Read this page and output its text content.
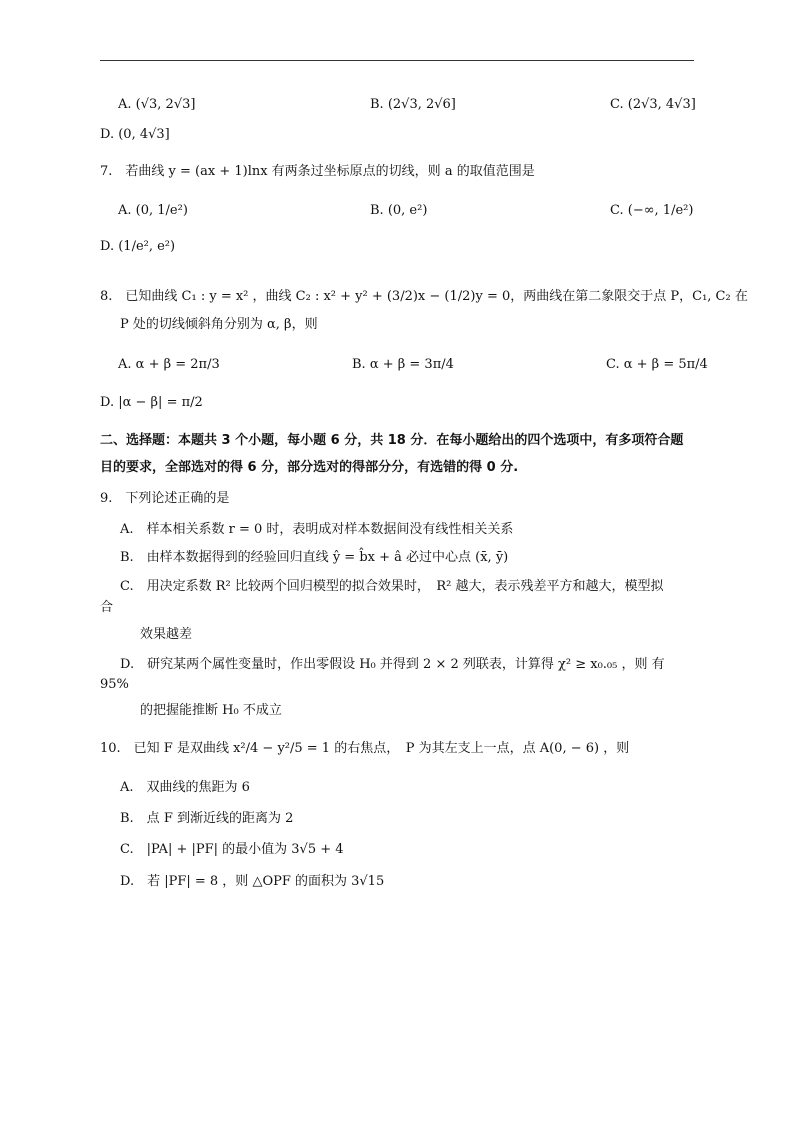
A. (√3, 2√3]	B. (2√3, 2√6]	C. (2√3, 4√3]
D. (0, 4√3]
7.　若曲线 y = (ax + 1)lnx 有两条过坐标原点的切线，则 a 的取值范围是
A. (0, 1/e²)	B. (0, e²)	C. (−∞, 1/e²)
D. (1/e², e²)
8.　已知曲线 C₁ : y = x² ，曲线 C₂ : x² + y² + (3/2)x − (1/2)y = 0，两曲线在第二象限交于点 P，C₁, C₂ 在
P 处的切线倾斜角分别为 α, β，则
A. α + β = 2π/3	B. α + β = 3π/4	C. α + β = 5π/4
D. |α − β| = π/2
二、选择题：本题共 3 个小题，每小题 6 分，共 18 分．在每小题给出的四个选项中，有多项符合题
目的要求，全部选对的得 6 分，部分选对的得部分分，有选错的得 0 分.
9.　下列论述正确的是
A.　样本相关系数 r = 0 时，表明成对样本数据间没有线性相关关系
B.　由样本数据得到的经验回归直线 ŷ = b̂x + â 必过中心点 (x̄, ȳ)
C.　用决定系数 R² 比较两个回归模型的拟合效果时，　R² 越大，表示残差平方和越大，模型拟
合
效果越差
D.　研究某两个属性变量时，作出零假设 H₀ 并得到 2 × 2 列联表，计算得 χ² ≥ x₀.₀₅ ，则 有
95%
的把握能推断 H₀ 不成立
10.　已知 F 是双曲线 x²/4 − y²/5 = 1 的右焦点，　P 为其左支上一点，点 A(0, − 6) ，则
A.　双曲线的焦距为 6
B.　点 F 到渐近线的距离为 2
C.　|PA| + |PF| 的最小值为 3√5 + 4
D.　若 |PF| = 8 ，则 △OPF 的面积为 3√15
